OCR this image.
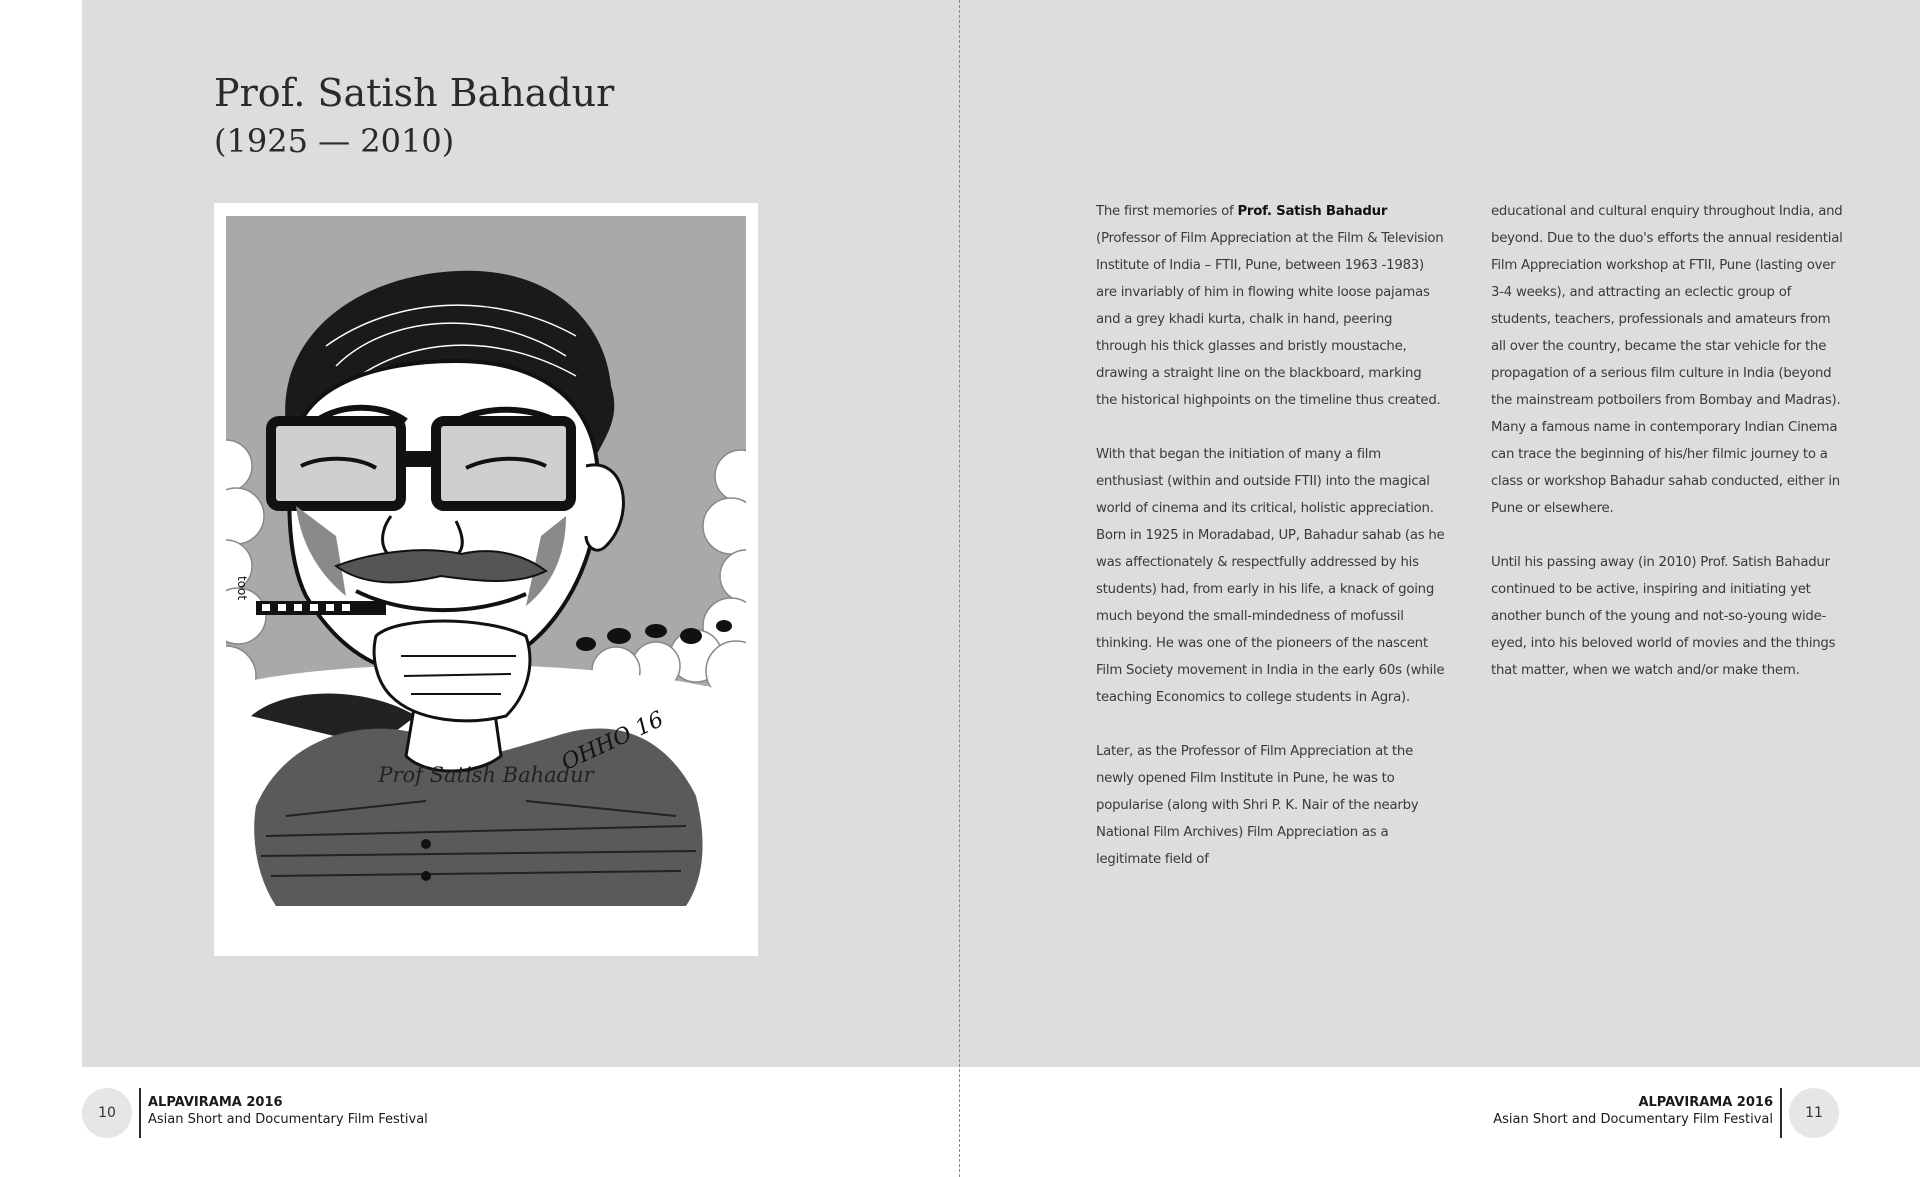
Prof. Satish Bahadur
(1925 — 2010)
toot
OHHO 16
Prof Satish Bahadur

The first memories of Prof. Satish Bahadur (Professor of Film Appreciation at the Film & Television Institute of India – FTII, Pune, between 1963 -1983) are invariably of him in flowing white loose pajamas and a grey khadi kurta, chalk in hand, peering through his thick glasses and bristly moustache, drawing a straight line on the blackboard, marking the historical highpoints on the timeline thus created.

With that began the initiation of many a film enthusiast (within and outside FTII) into the magical world of cinema and its critical, holistic appreciation. Born in 1925 in Moradabad, UP, Bahadur sahab (as he was affectionately & respectfully addressed by his students) had, from early in his life, a knack of going much beyond the small-mindedness of mofussil thinking. He was one of the pioneers of the nascent Film Society movement in India in the early 60s (while teaching Economics to college students in Agra).

Later, as the Professor of Film Appreciation at the newly opened Film Institute in Pune, he was to popularise (along with Shri P. K. Nair of the nearby National Film Archives) Film Appreciation as a legitimate field of

educational and cultural enquiry throughout India, and beyond. Due to the duo's efforts the annual residential Film Appreciation workshop at FTII, Pune (lasting over 3-4 weeks), and attracting an eclectic group of students, teachers, professionals and amateurs from all over the country, became the star vehicle for the propagation of a serious film culture in India (beyond the mainstream potboilers from Bombay and Madras). Many a famous name in contemporary Indian Cinema can trace the beginning of his/her filmic journey to a class or workshop Bahadur sahab conducted, either in Pune or elsewhere.

Until his passing away (in 2010) Prof. Satish Bahadur continued to be active, inspiring and initiating yet another bunch of the young and not-so-young wide-eyed, into his beloved world of movies and the things that matter, when we watch and/or make them.

10
ALPAVIRAMA 2016
Asian Short and Documentary Film Festival
ALPAVIRAMA 2016
Asian Short and Documentary Film Festival	11
